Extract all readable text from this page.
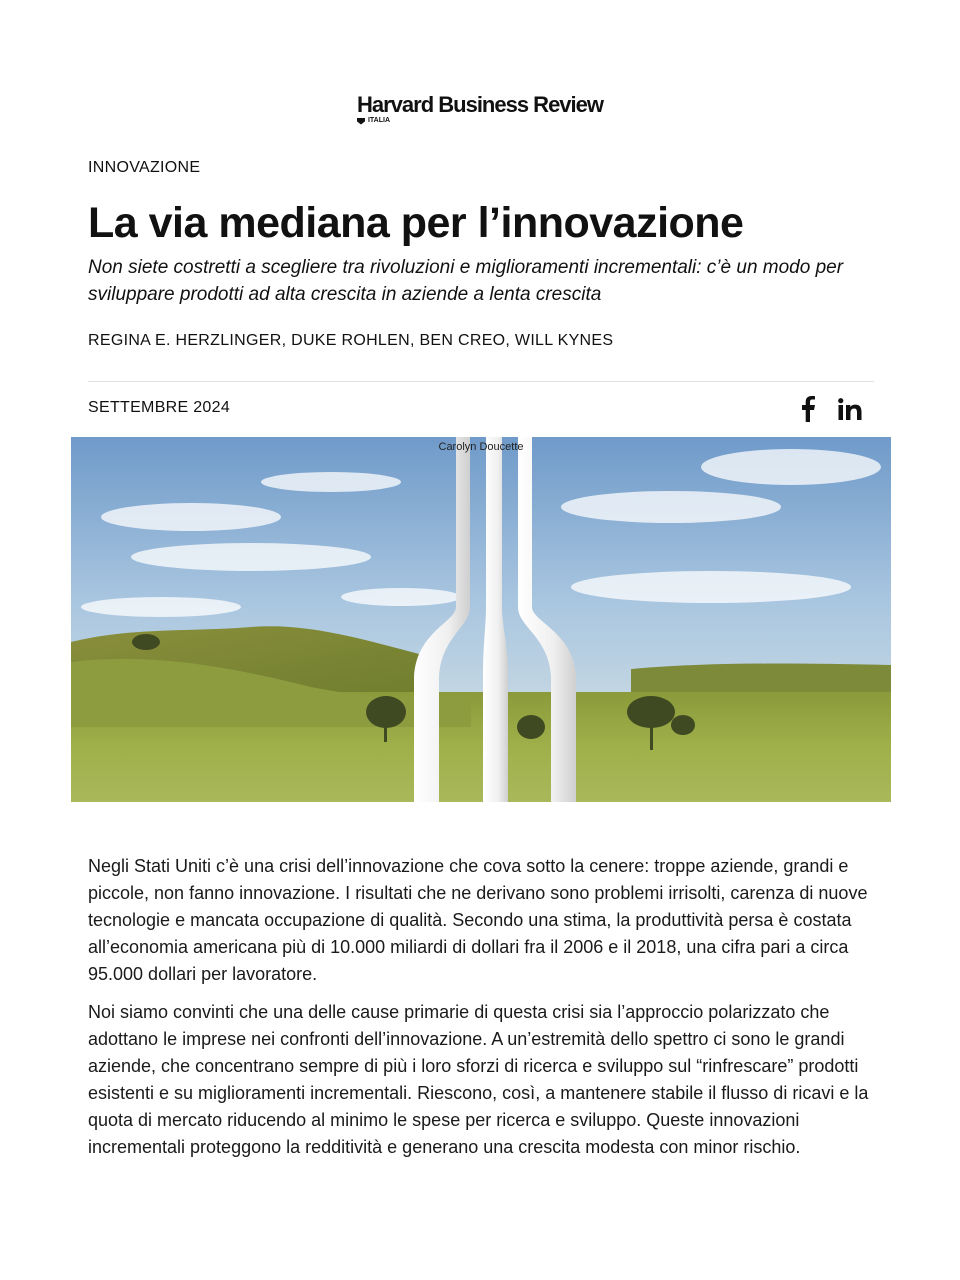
Harvard Business Review
ITALIA
INNOVAZIONE
La via mediana per l’innovazione

Non siete costretti a scegliere tra rivoluzioni e miglioramenti incrementali: c’è un modo per sviluppare prodotti ad alta crescita in aziende a lenta crescita

REGINA E. HERZLINGER, DUKE ROHLEN, BEN CREO, WILL KYNES
SETTEMBRE 2024
Carolyn Doucette

Negli Stati Uniti c’è una crisi dell’innovazione che cova sotto la cenere: troppe aziende, grandi e piccole, non fanno innovazione. I risultati che ne derivano sono problemi irrisolti, carenza di nuove tecnologie e mancata occupazione di qualità. Secondo una stima, la produttività persa è costata all’economia americana più di 10.000 miliardi di dollari fra il 2006 e il 2018, una cifra pari a circa 95.000 dollari per lavoratore.

Noi siamo convinti che una delle cause primarie di questa crisi sia l’approccio polarizzato che adottano le imprese nei confronti dell’innovazione. A un’estremità dello spettro ci sono le grandi aziende, che concentrano sempre di più i loro sforzi di ricerca e sviluppo sul “rinfrescare” prodotti esistenti e su miglioramenti incrementali. Riescono, così, a mantenere stabile il flusso di ricavi e la quota di mercato riducendo al minimo le spese per ricerca e sviluppo. Queste innovazioni incrementali proteggono la redditività e generano una crescita modesta con minor rischio.
